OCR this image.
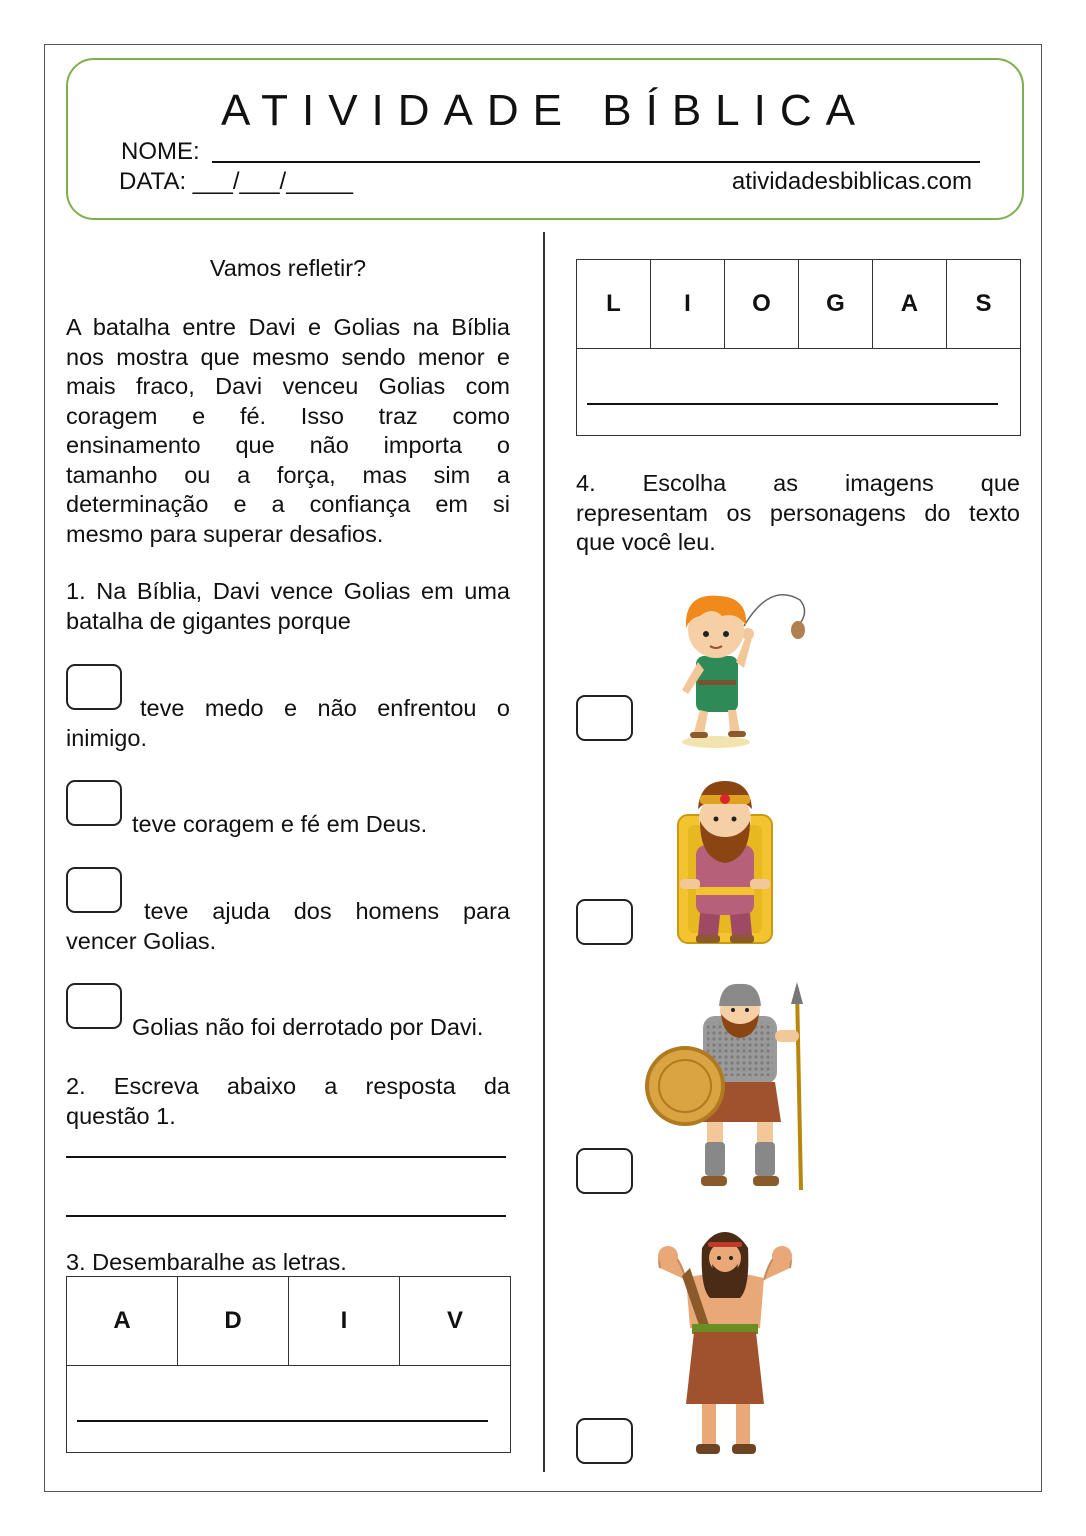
ATIVIDADE BÍBLICA
NOME:
DATA: ___/___/_____	atividadesbiblicas.com
Vamos refletir?
A batalha entre Davi e Golias na Bíblia
nos mostra que mesmo sendo menor e
mais fraco, Davi venceu Golias com
coragem e fé. Isso traz como
ensinamento que não importa o
tamanho ou a força, mas sim a
determinação e a confiança em si
mesmo para superar desafios.
1. Na Bíblia, Davi vence Golias em uma
batalha de gigantes porque
teve medo e não enfrentou o
inimigo.
teve coragem e fé em Deus.
teve ajuda dos homens para
vencer Golias.
Golias não foi derrotado por Davi.
2. Escreva abaixo a resposta da
questão 1.
3. Desembaralhe as letras.
A	D	I	V

L	I	O	G	A	S

4. Escolha as imagens que
representam os personagens do texto
que você leu.
